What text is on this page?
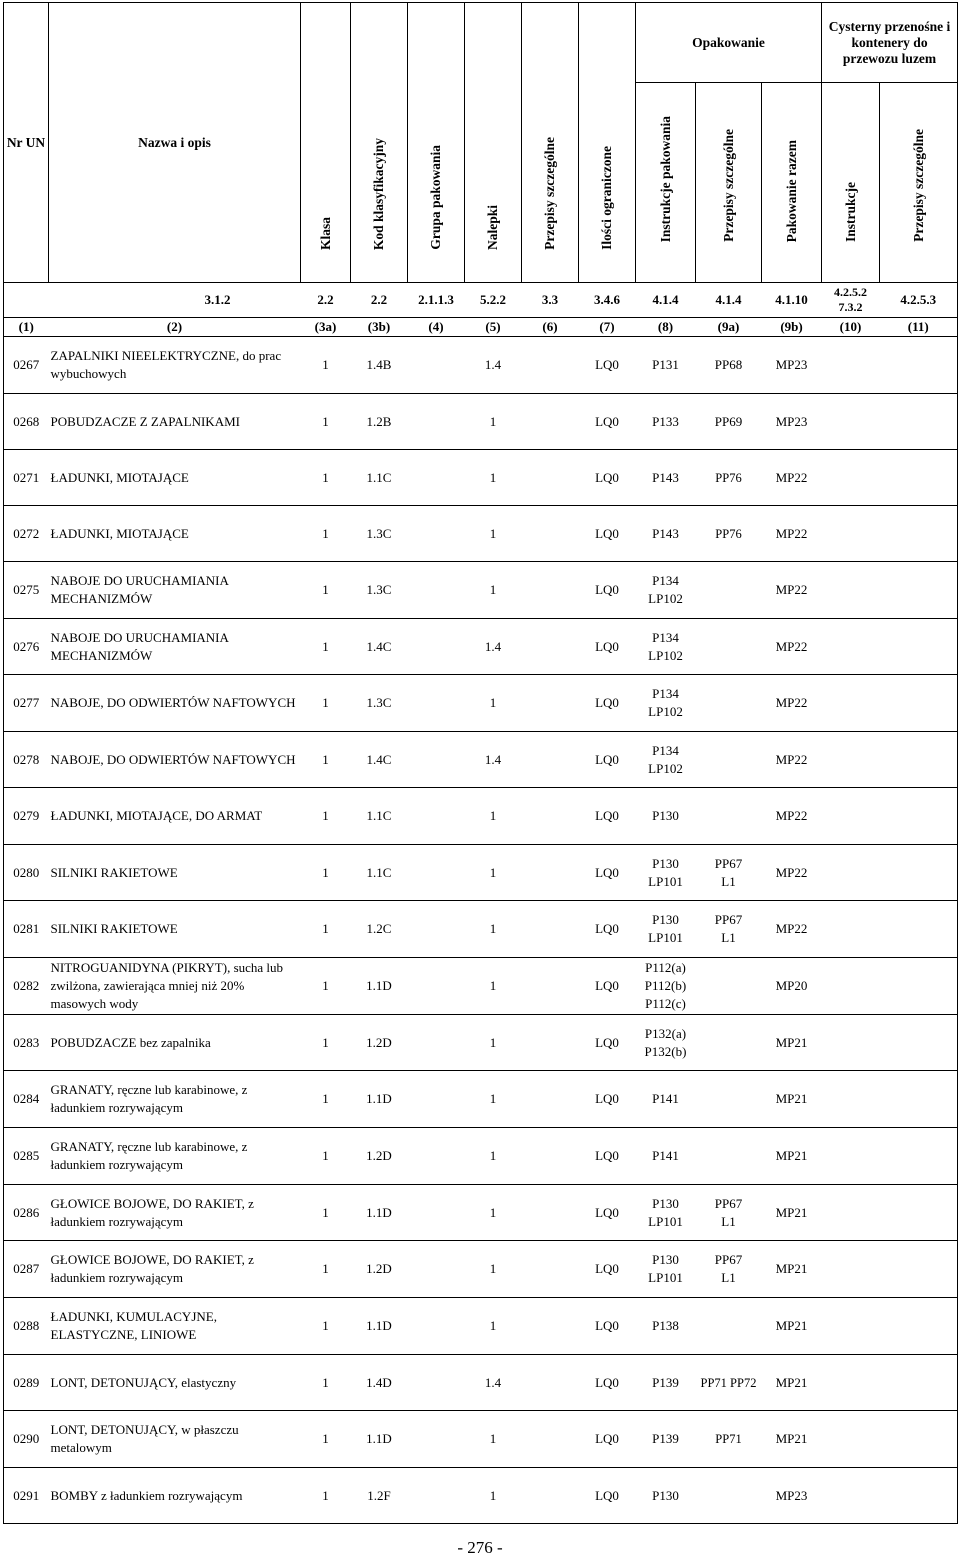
Nr UN	Nazwa i opis	Klasa	Kod klasyfikacyjny	Grupa pakowania	Nalepki	Przepisy szczególne	Ilości ograniczone	Opakowanie			Cysterny przenośne i kontenery do przewozu luzem	
								Instrukcje pakowania	Przepisy szczególne	Pakowanie razem	Instrukcje	Przepisy szczególne
3.1.2		2.2	2.2	2.1.1.3	5.2.2	3.3	3.4.6	4.1.4	4.1.4	4.1.10	4.2.5.2 7.3.2	4.2.5.3
(1)	(2)	(3a)	(3b)	(4)	(5)	(6)	(7)	(8)	(9a)	(9b)	(10)	(11)
0267	ZAPALNIKI NIEELEKTRYCZNE, do prac wybuchowych	1	1.4B		1.4		LQ0	P131	PP68	MP23		
0268	POBUDZACZE Z ZAPALNIKAMI	1	1.2B		1		LQ0	P133	PP69	MP23		
0271	ŁADUNKI, MIOTAJĄCE	1	1.1C		1		LQ0	P143	PP76	MP22		
0272	ŁADUNKI, MIOTAJĄCE	1	1.3C		1		LQ0	P143	PP76	MP22		
0275	NABOJE DO URUCHAMIANIA MECHANIZMÓW	1	1.3C		1		LQ0	P134 LP102		MP22		
0276	NABOJE DO URUCHAMIANIA MECHANIZMÓW	1	1.4C		1.4		LQ0	P134 LP102		MP22		
0277	NABOJE, DO ODWIERTÓW NAFTOWYCH	1	1.3C		1		LQ0	P134 LP102		MP22		
0278	NABOJE, DO ODWIERTÓW NAFTOWYCH	1	1.4C		1.4		LQ0	P134 LP102		MP22		
0279	ŁADUNKI, MIOTAJĄCE, DO ARMAT	1	1.1C		1		LQ0	P130		MP22		
0280	SILNIKI RAKIETOWE	1	1.1C		1		LQ0	P130 LP101	PP67 L1	MP22		
0281	SILNIKI RAKIETOWE	1	1.2C		1		LQ0	P130 LP101	PP67 L1	MP22		
0282	NITROGUANIDYNA (PIKRYT), sucha lub zwilżona, zawierająca mniej niż 20% masowych wody	1	1.1D		1		LQ0	P112(a) P112(b) P112(c)		MP20		
0283	POBUDZACZE bez zapalnika	1	1.2D		1		LQ0	P132(a) P132(b)		MP21		
0284	GRANATY, ręczne lub karabinowe, z ładunkiem rozrywającym	1	1.1D		1		LQ0	P141		MP21		
0285	GRANATY, ręczne lub karabinowe, z ładunkiem rozrywającym	1	1.2D		1		LQ0	P141		MP21		
0286	GŁOWICE BOJOWE, DO RAKIET, z ładunkiem rozrywającym	1	1.1D		1		LQ0	P130 LP101	PP67 L1	MP21		
0287	GŁOWICE BOJOWE, DO RAKIET, z ładunkiem rozrywającym	1	1.2D		1		LQ0	P130 LP101	PP67 L1	MP21		
0288	ŁADUNKI, KUMULACYJNE, ELASTYCZNE, LINIOWE	1	1.1D		1		LQ0	P138		MP21		
0289	LONT, DETONUJĄCY, elastyczny	1	1.4D		1.4		LQ0	P139	PP71 PP72	MP21		
0290	LONT, DETONUJĄCY, w płaszczu metalowym	1	1.1D		1		LQ0	P139	PP71	MP21		
0291	BOMBY z ładunkiem rozrywającym	1	1.2F		1		LQ0	P130		MP23		
- 276 -
